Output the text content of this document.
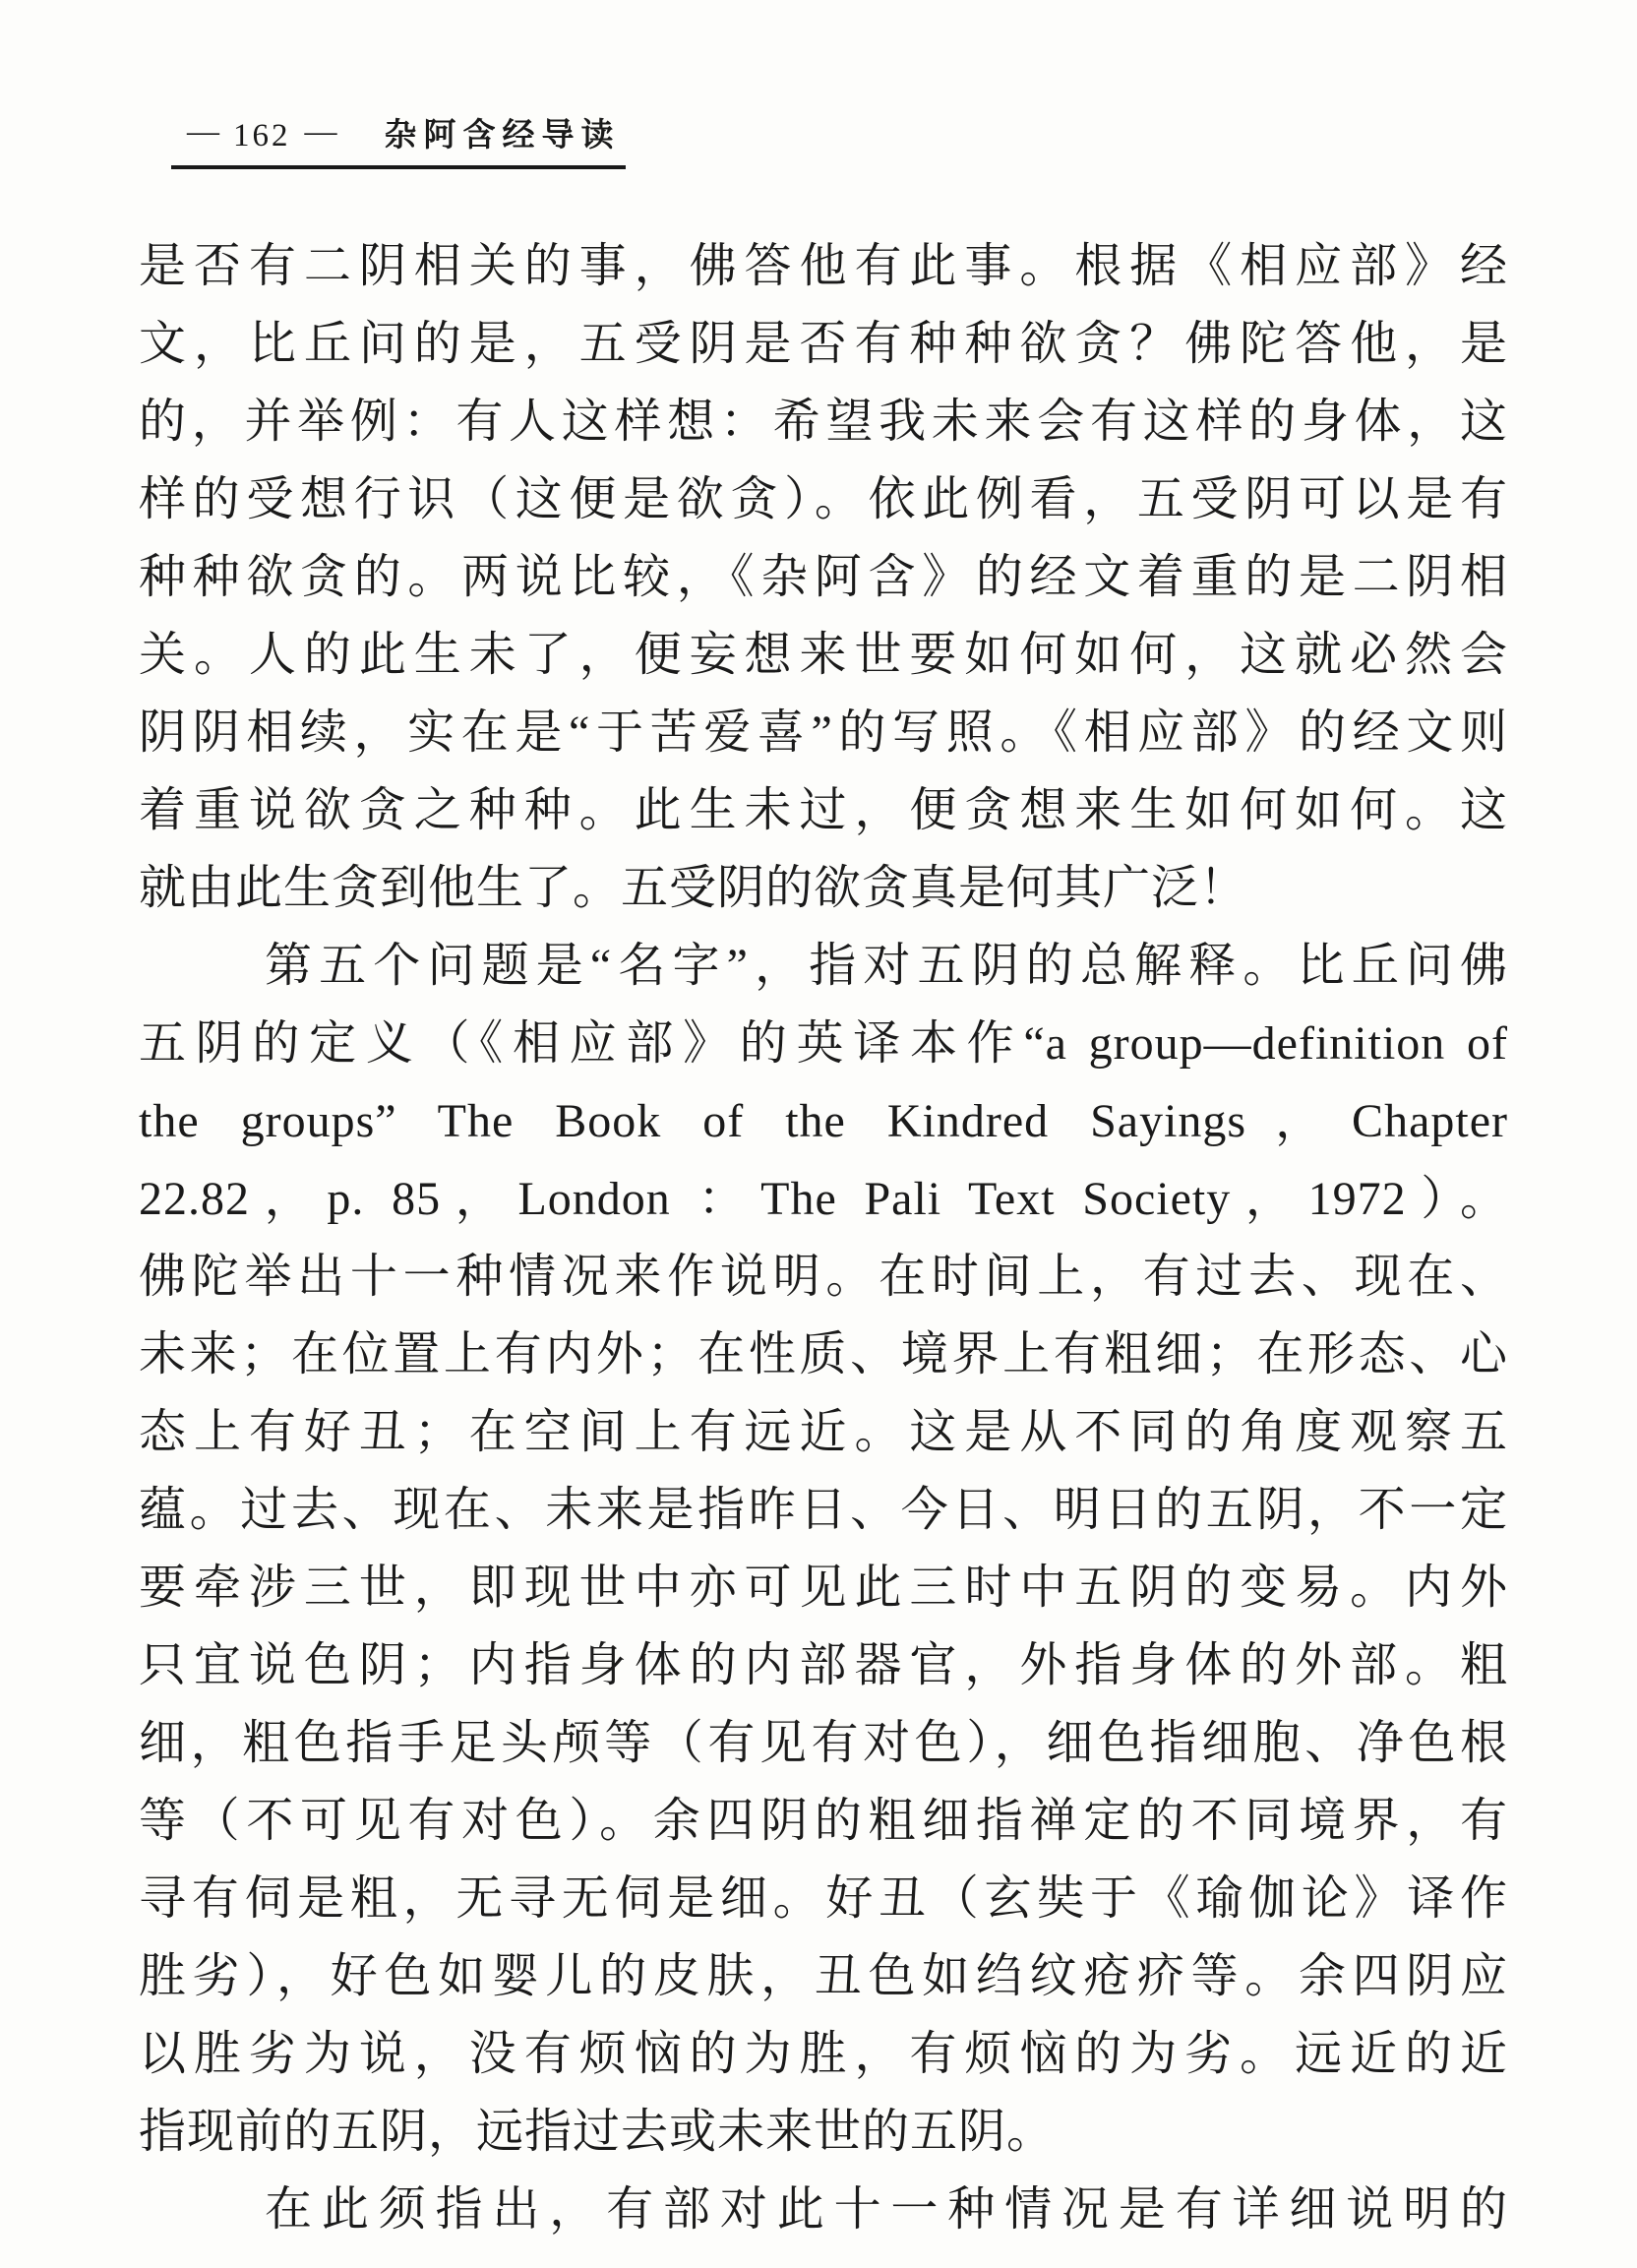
— 162 — 杂阿含经导读
是否有二阴相关的事，佛答他有此事。根据《相应部》经
文，比丘问的是，五受阴是否有种种欲贪？佛陀答他，是
的，并举例：有人这样想：希望我未来会有这样的身体，这
样的受想行识（这便是欲贪）。依此例看，五受阴可以是有
种种欲贪的。两说比较，《杂阿含》的经文着重的是二阴相
关。人的此生未了，便妄想来世要如何如何，这就必然会
阴阴相续，实在是“于苦爱喜”的写照。《相应部》的经文则
着重说欲贪之种种。此生未过，便贪想来生如何如何。这
就由此生贪到他生了。五受阴的欲贪真是何其广泛！
第五个问题是“名字”，指对五阴的总解释。比丘问佛
五阴的定义（《相应部》的英译本作“a group—definition of
the groups” The Book of the Kindred Sayings，Chapter
22.82，p. 85，London ：The Pali Text Society，1972）。
佛陀举出十一种情况来作说明。在时间上，有过去、现在、
未来；在位置上有内外；在性质、境界上有粗细；在形态、心
态上有好丑；在空间上有远近。这是从不同的角度观察五
蕴。过去、现在、未来是指昨日、今日、明日的五阴，不一定
要牵涉三世，即现世中亦可见此三时中五阴的变易。内外
只宜说色阴；内指身体的内部器官，外指身体的外部。粗
细，粗色指手足头颅等（有见有对色），细色指细胞、净色根
等（不可见有对色）。余四阴的粗细指禅定的不同境界，有
寻有伺是粗，无寻无伺是细。好丑（玄奘于《瑜伽论》译作
胜劣），好色如婴儿的皮肤，丑色如绉纹疮疥等。余四阴应
以胜劣为说，没有烦恼的为胜，有烦恼的为劣。远近的近
指现前的五阴，远指过去或未来世的五阴。
在此须指出，有部对此十一种情况是有详细说明的
